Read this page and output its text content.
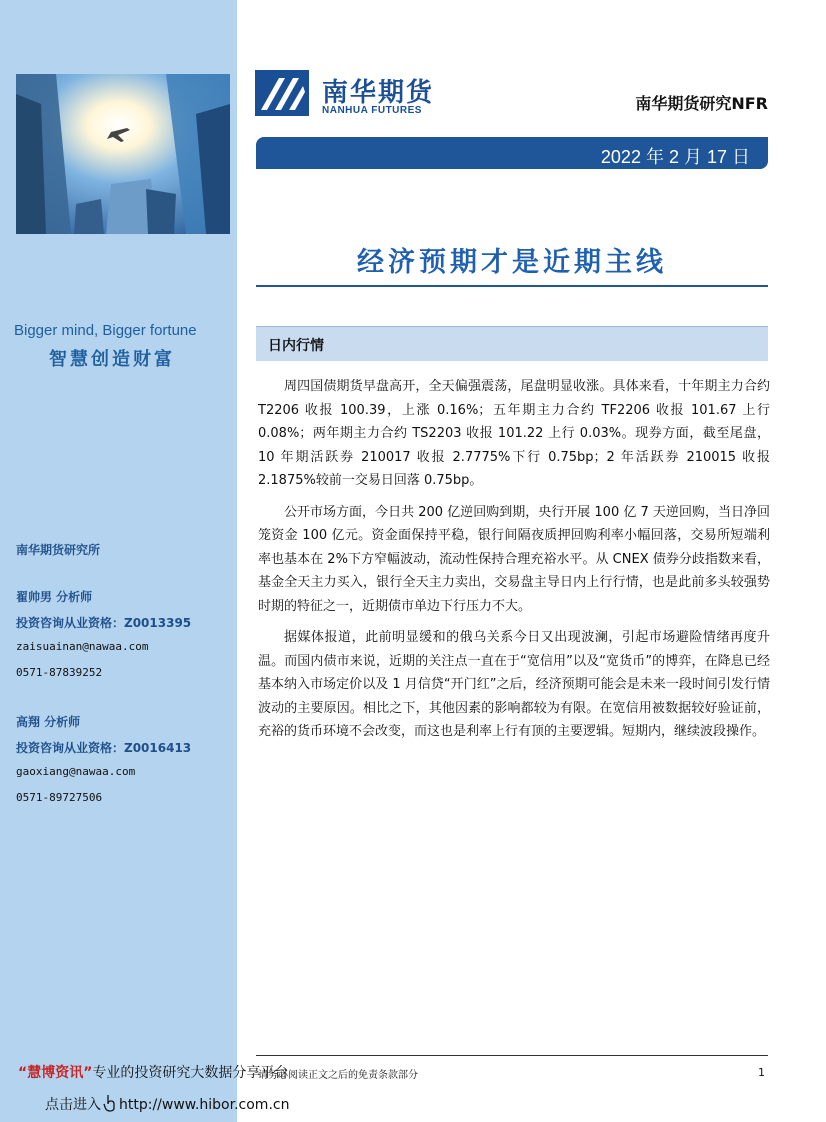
Bigger mind, Bigger fortune
智慧创造财富
南华期货研究所
翟帅男 分析师
投资咨询从业资格：Z0013395
zaisuainan@nawaa.com
0571-87839252
高翔 分析师
投资咨询从业资格：Z0016413
gaoxiang@nawaa.com
0571-89727506
南华期货
NANHUA FUTURES	南华期货研究NFR
2022 年 2 月 17 日
经济预期才是近期主线
日内行情

周四国债期货早盘高开，全天偏强震荡，尾盘明显收涨。具体来看，十年期主力合约 T2206 收报 100.39，上涨 0.16%；五年期主力合约 TF2206 收报 101.67 上行 0.08%；两年期主力合约 TS2203 收报 101.22 上行 0.03%。现券方面，截至尾盘，10 年期活跃券 210017 收报 2.7775%下行 0.75bp；2 年活跃券 210015 收报 2.1875%较前一交易日回落 0.75bp。

公开市场方面，今日共 200 亿逆回购到期，央行开展 100 亿 7 天逆回购，当日净回笼资金 100 亿元。资金面保持平稳，银行间隔夜质押回购利率小幅回落，交易所短端利率也基本在 2%下方窄幅波动，流动性保持合理充裕水平。从 CNEX 债券分歧指数来看，基金全天主力买入，银行全天主力卖出，交易盘主导日内上行行情，也是此前多头较强势时期的特征之一，近期债市单边下行压力不大。

据媒体报道，此前明显缓和的俄乌关系今日又出现波澜，引起市场避险情绪再度升温。而国内债市来说，近期的关注点一直在于“宽信用”以及“宽货币”的博弈，在降息已经基本纳入市场定价以及 1 月信贷“开门红”之后，经济预期可能会是未来一段时间引发行情波动的主要原因。相比之下，其他因素的影响都较为有限。在宽信用被数据较好验证前，充裕的货币环境不会改变，而这也是利率上行有顶的主要逻辑。短期内，继续波段操作。

请务必阅读正文之后的免责条款部分	1
“慧博资讯”专业的投资研究大数据分享平台
点击进入 http://www.hibor.com.cn
